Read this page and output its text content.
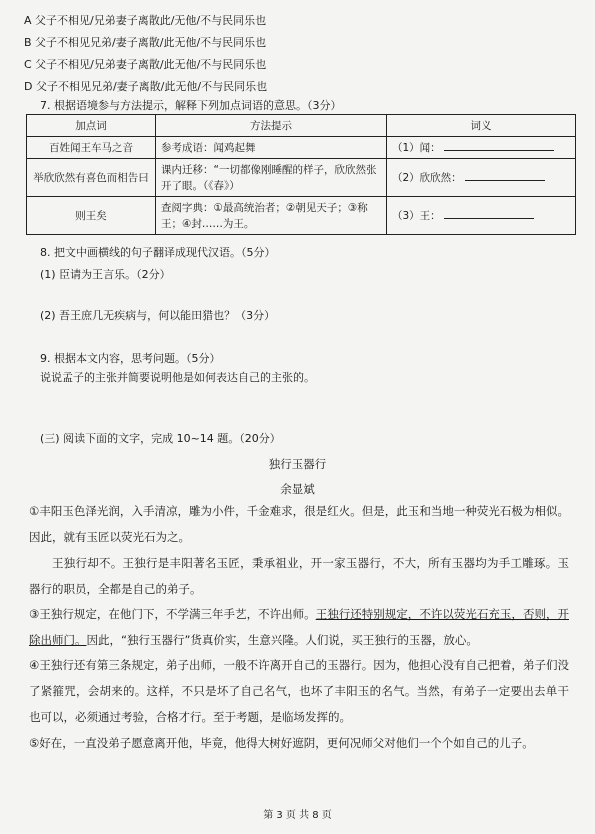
A 父子不相见/兄弟妻子离散此/无他/不与民同乐也
B 父子不相见兄弟/妻子离散/此无他/不与民同乐也
C 父子不相见/兄弟妻子离散/此无他/不与民同乐也
D 父子不相见兄弟/妻子离散/此无他/不与民同乐也
7. 根据语境参与方法提示，解释下列加点词语的意思。（3分）
加点词	方法提示	词义
百姓闻王车马之音	参考成语：闻鸡起舞	（1）闻：
举欣欣然有喜色而相告曰	课内迁移：“一切都像刚睡醒的样子，欣欣然张开了眼。（《春》）	（2）欣欣然：
则王矣	查阅字典：①最高统治者；②朝见天子；③称王；④封……为王。	（3）王：
8. 把文中画横线的句子翻译成现代汉语。（5分）
(1) 臣请为王言乐。（2分）
(2) 吾王庶几无疾病与，何以能田猎也？（3分）
9. 根据本文内容，思考问题。（5分）
说说孟子的主张并简要说明他是如何表达自己的主张的。
(三) 阅读下面的文字，完成 10~14 题。（20分）
独行玉器行
余显斌
①丰阳玉色泽光润，入手清凉，雕为小件，千金难求，很是红火。但是，此玉和当地一种荧光石极为相似。因此，就有玉匠以荧光石为之。
王独行却不。王独行是丰阳著名玉匠，秉承祖业，开一家玉器行，不大，所有玉器均为手工雕琢。玉器行的职员，全都是自己的弟子。
③王独行规定，在他门下，不学满三年手艺，不许出师。王独行还特别规定，不许以荧光石充玉，否则，开除出师门。因此，“独行玉器行”货真价实，生意兴隆。人们说，买王独行的玉器，放心。
④王独行还有第三条规定，弟子出师，一般不许离开自己的玉器行。因为，他担心没有自己把着，弟子们没了紧箍咒，会胡来的。这样，不只是坏了自己名气，也坏了丰阳玉的名气。当然，有弟子一定要出去单干也可以，必须通过考验，合格才行。至于考题，是临场发挥的。
⑤好在，一直没弟子愿意离开他，毕竟，他得大树好遮阴，更何况师父对他们一个个如自己的儿子。
第 3 页 共 8 页
